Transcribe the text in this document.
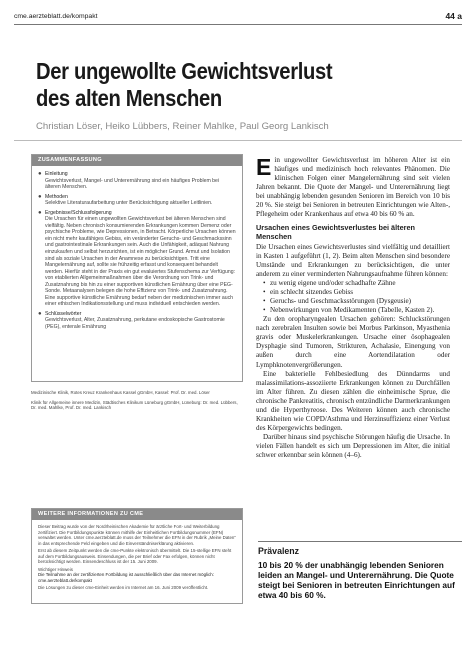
cme.aerzteblatt.de/kompakt	44 a
Der ungewollte Gewichtsverlust
des alten Menschen
Christian Löser, Heiko Lübbers, Reiner Mahlke, Paul Georg Lankisch
ZUSAMMENFASSUNG
● Einleitung
Gewichtsverlust, Mangel- und Unterernährung sind ein häufiges Problem bei älteren Menschen.
● Methoden
Selektive Literaturaufarbeitung unter Berücksichtigung aktueller Leitlinien.
● Ergebnisse/Schlussfolgerung
Die Ursachen für einen ungewollten Gewichtsverlust bei älteren Menschen sind vielfältig. Neben chronisch konsumierenden Erkrankungen kommen Demenz oder psychische Probleme, wie Depressionen, in Betracht. Körperliche Ursachen können ein nicht mehr kaufähiges Gebiss, ein veränderter Geruchs- und Geschmackssinn und gastrointestinale Erkrankungen sein. Auch die Unfähigkeit, adäquat Nahrung einzukaufen und selbst herzurichten, ist ein möglicher Grund. Armut und Isolation sind als soziale Ursachen in der Anamnese zu berücksichtigen. Tritt eine Mangelernährung auf, sollte sie frühzeitig erfasst und konsequent behandelt werden. Hierfür steht in der Praxis ein gut evaluiertes Stufenschema zur Verfügung: von etablierten Allgemeinmaßnahmen über die Verordnung von Trink- und Zusatznahrung bis hin zu einer supportiven künstlichen Ernährung über eine PEG-Sonde. Metaanalysen belegen die hohe Effizienz von Trink- und Zusatznahrung. Eine supportive künstliche Ernährung bedarf neben der medizinischen immer auch einer ethischen Indikationsstellung und muss individuell entschieden werden.
● Schlüsselwörter
Gewichtsverlust, Alter, Zusatznahrung, perkutane endoskopische Gastrostomie (PEG), enterale Ernährung

Medizinische Klinik, Rotes Kreuz Krankenhaus Kassel gGmbH, Kassel: Prof. Dr. med. Löser

Klinik für Allgemeine innere Medizin, Städtisches Klinikum Lüneburg gGmbH, Lüneburg: Dr. med. Lübbers, Dr. med. Mahlke, Prof. Dr. med. Lankisch

WEITERE INFORMATIONEN ZU CME

Dieser Beitrag wurde von der Nordrheinischen Akademie für ärztliche Fort- und Weiterbildung zertifiziert. Die Fortbildungspunkte können mithilfe der Einheitlichen Fortbildungsnummer (EFN) verwaltet werden. Unter cme.aerzteblatt.de muss der Teilnehmer die EFN in der Rubrik „Meine Daten“ in das entsprechende Feld eingeben und die Einverständniserklärung aktivieren.

Erst ab diesem Zeitpunkt werden die cme-Punkte elektronisch übermittelt. Die 15-stellige EFN steht auf dem Fortbildungsausweis. Einsendungen, die per Brief oder Fax erfolgen, können nicht berücksichtigt werden. Einsendeschluss ist der 15. Juni 2009.

Wichtiger Hinweis

Die Teilnahme an der zertifizierten Fortbildung ist ausschließlich über das Internet möglich: cme.aerzteblatt.de/kompakt

Die Lösungen zu dieser cme-Einheit werden im Internet am 16. Juni 2009 veröffentlicht.

Ein ungewollter Gewichtsverlust im höheren Alter ist ein häufiges und medizinisch hoch relevantes Phänomen. Die klinischen Folgen einer Mangelernährung sind seit vielen Jahren bekannt. Die Quote der Mangel- und Unterernährung liegt bei unabhängig lebenden gesunden Senioren im Bereich von 10 bis 20 %. Sie steigt bei Senioren in betreuten Einrichtungen wie Alten-, Pflegeheim oder Krankenhaus auf etwa 40 bis 60 % an.

Ursachen eines Gewichtsverlustes bei älteren Menschen

Die Ursachen eines Gewichtsverlustes sind vielfältig und detailliert in Kasten 1 aufgeführt (1, 2). Beim alten Menschen sind besondere Umstände und Erkrankungen zu berücksichtigen, die unter anderem zu einer verminderten Nahrungsaufnahme führen können:

• zu wenig eigene und/oder schadhafte Zähne
• ein schlecht sitzendes Gebiss
• Geruchs- und Geschmacksstörungen (Dysgeusie)
• Nebenwirkungen von Medikamenten (Tabelle, Kasten 2).

Zu den oropharyngealen Ursachen gehören: Schluckstörungen nach zerebralen Insulten sowie bei Morbus Parkinson, Myasthenia gravis oder Muskelerkrankungen. Ursache einer ösophagealen Dysphagie sind Tumoren, Strikturen, Achalasie, Einengung von außen durch eine Aortendilatation oder Lymphknotenvergrößerungen.

Eine bakterielle Fehlbesiedlung des Dünndarms und malassimilations-assoziierte Erkrankungen können zu Durchfällen im Alter führen. Zu diesen zählen die einheimische Sprue, die chronische Pankreatitis, chronisch entzündliche Darmerkrankungen und die Hyperthyreose. Des Weiteren können auch chronische Krankheiten wie COPD/Asthma und Herzinsuffizienz einer Verlust des Körpergewichts bedingen.

Darüber hinaus sind psychische Störungen häufig die Ursache. In vielen Fällen handelt es sich um Depressionen im Alter, die initial schwer erkennbar sein können (4–6).

Prävalenz
10 bis 20 % der unabhängig lebenden Senioren leiden an Mangel- und Unterernährung. Die Quote steigt bei Senioren in betreuten Einrichtungen auf etwa 40 bis 60 %.
